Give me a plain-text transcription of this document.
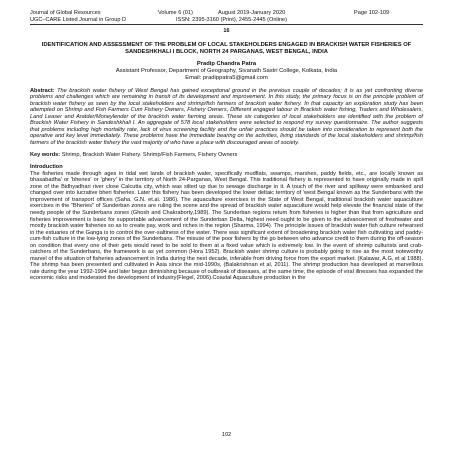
Journal of Global Resources	Volume 6 (01)	August 2019-January 2020	Page 102-109
UGC–CARE Listed Journal in Group D	ISSN: 2395-3160 (Print), 2455-2445 (Online)
16
IDENTIFICATION AND ASSESSMENT OF THE PROBLEM OF LOCAL STAKEHOLDERS ENGAGED IN BRACKISH WATER FISHERIES OF SANDESHKHALI I BLOCK, NORTH 24 PARGANAS, WEST BENGAL, INDIA
Pradip Chandra Patra
Assistant Professor, Department of Geography, Sivanath Sastri College, Kolkata, India
Email: pradippatra5@gmail.com

Abstract: The brackish water fishery of West Bengal has gained exceptional ground in the previous couple of decades; it is as yet confronting diverse problems and challenges which are remaining in transit of its development and improvement. In this study, the primary focus is on the principle problem of brackish water fishery as seen by the local stakeholders and shrimp/fish farmers of brackish water fishery. In that capacity an exploration study has been attempted on Shrimp and Fish Farmers Cum Fishery Owners, Fishery Owners, Different engaged labour in Brackish water fishing, Traders and Wholesalers, Land Leaser and Aratder/Moneylender of the brackish water farming areas. These six categories of local stakeholders are identified with the problem of Brackish Water Fishery in Sandeshkhali I. An aggregate of 578 local stakeholders were selected to respond my survey questionnaire. The author suggests that problems including high mortality rate, lack of virus screening facility and the unfair practices should be taken into consideration to represent both the operative and key level immediately. These problems have the immediate bearing on the activities, living standards of the local stakeholders and shrimp/fish farmers of the brackish water fishery the vast majority of who have a place with discouraged areas of society.

Key words: Shrimp, Brackish Water Fishery. Shrimp/Fish Farmers, Fishery Owners

Introduction

The fisheries made through ages in tidal wet lands of brackish water, specifically mudflats, swamps, marshes, paddy fields, etc., are locally known as bhasabadha' or 'bheries' or 'ghery' in the territory of North 24-Parganas, West Bengal. This traditional fishery is represented to have originally made in spill zone of the Bidhyadhari river close Calcutta city, which was silted up due to sewage discharge in it. A touch of the river and spillway were embanked and changed over into lucrative bheri fisheries. Later this fishery has been developed the lower deltaic territory of 'west Bengal known as the Sunderbans with the improvement of transport offices (Saha. G.N. et.al. 1986). The aquaculture exercises in the State of West Bengal, traditional brackish water aquaculture exercises in the "Bheries" of Sunderban zones are ruling the scene and the spread of brackish water aquaculture would help elevate the financial state of the needy people of the Sunderbans zones (Ghosh and Chakraborty,1989). The Sunderban regions return from fisheries is higher than that from agriculture and fisheries improvement is basic for supportable advancement of the Sunderban Delta, highest need ought to be given to the advancement of freshwater and mostly brackish water fisheries so as to create pay, work and riches in the region (Sharma, 1994). The principle issues of brackish water fish culture rehearsed in the estuaries of the Ganga is to control the over-saltiness of the water. There was significant extent of broadening brackish water fish cultivating and paddy-cum-fish culture in the low-lying zones of the Sunderbans. The misuse of the poor fishers by the go between who advance credit to them during the off-season on condition that every one of their gets would need to be sold to them at a fixed value which is extremely low. In the event of shrimp culturists and crab-catchers of the Sunderbans, the framework is as yet common (Hora 1952). Brackish water shrimp culture is probably going to rise as the most noteworthy marvel of the situation of fisheries advancement in India during the next decade, inferable from driving force from the export market. (Kalawar, A.G, et al 1988). The shrimp has been presented and cultivated in Asia since the mid-1990s, (Balakrishnan et al, 2011). The shrimp production has developed at marvellous rate during the year 1992-1994 and later begun diminishing because of outbreak of diseases, at the same time, the episode of viral illnesses has expanded the economic risks and moderated the development of industry(Flegel, 2006).Coastal Aquaculture production in the

102
